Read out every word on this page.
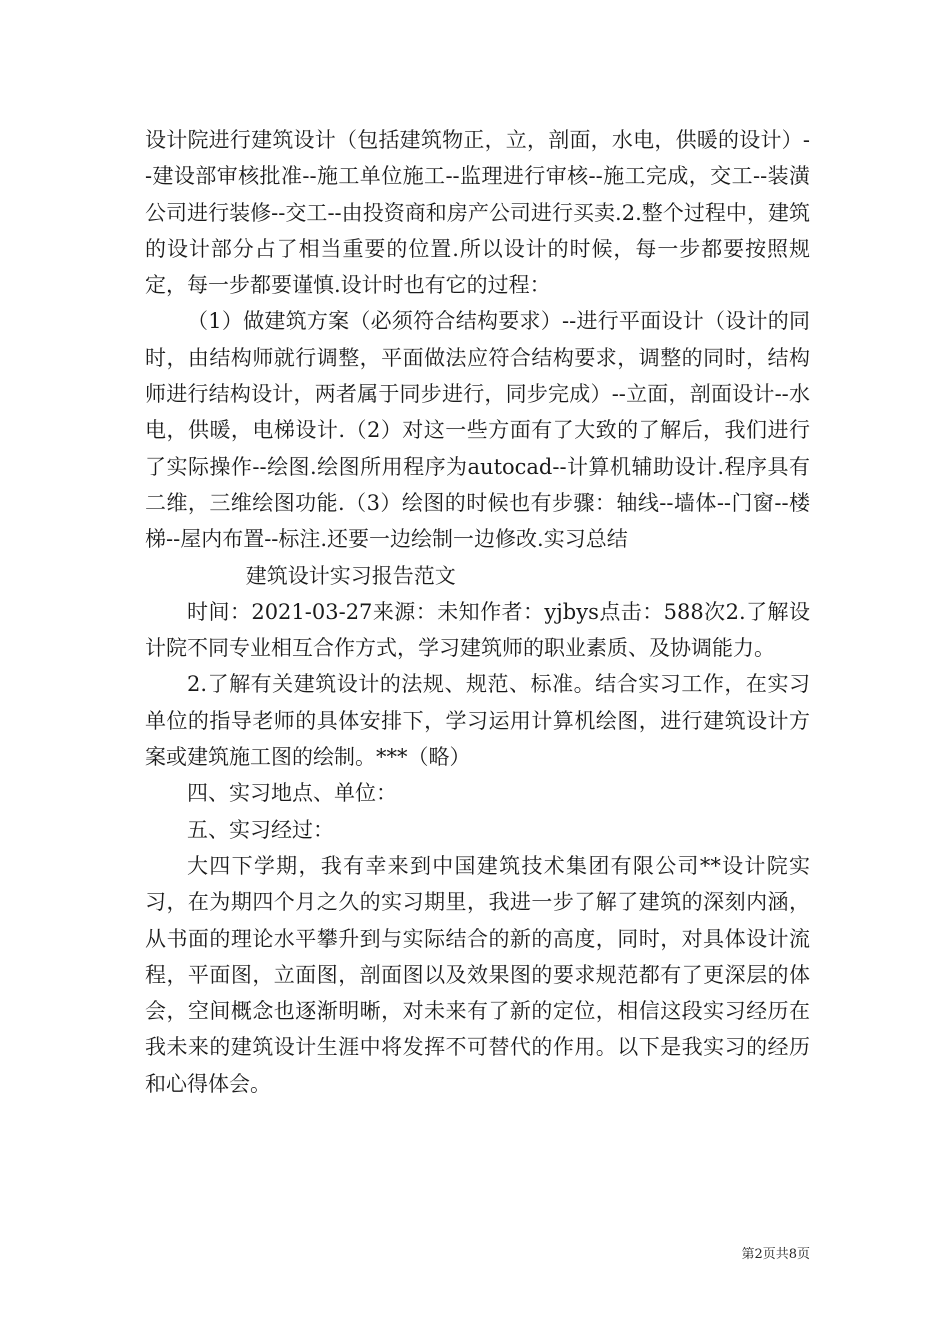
设计院进行建筑设计（包括建筑物正，立，剖面，水电，供暖的设计）--建设部审核批准--施工单位施工--监理进行审核--施工完成，交工--装潢公司进行装修--交工--由投资商和房产公司进行买卖.2.整个过程中，建筑的设计部分占了相当重要的位置.所以设计的时候，每一步都要按照规定，每一步都要谨慎.设计时也有它的过程：

（1）做建筑方案（必须符合结构要求）--进行平面设计（设计的同时，由结构师就行调整，平面做法应符合结构要求，调整的同时，结构师进行结构设计，两者属于同步进行，同步完成）--立面，剖面设计--水电，供暖，电梯设计.（2）对这一些方面有了大致的了解后，我们进行了实际操作--绘图.绘图所用程序为autocad--计算机辅助设计.程序具有二维，三维绘图功能.（3）绘图的时候也有步骤：轴线--墙体--门窗--楼梯--屋内布置--标注.还要一边绘制一边修改.实习总结

建筑设计实习报告范文

时间：2021-03-27来源：未知作者：yjbys点击：588次2.了解设计院不同专业相互合作方式，学习建筑师的职业素质、及协调能力。

2.了解有关建筑设计的法规、规范、标准。结合实习工作，在实习单位的指导老师的具体安排下，学习运用计算机绘图，进行建筑设计方案或建筑施工图的绘制。***（略）

四、实习地点、单位：

五、实习经过：

大四下学期，我有幸来到中国建筑技术集团有限公司**设计院实习，在为期四个月之久的实习期里，我进一步了解了建筑的深刻内涵，从书面的理论水平攀升到与实际结合的新的高度，同时，对具体设计流程，平面图，立面图，剖面图以及效果图的要求规范都有了更深层的体会，空间概念也逐渐明晰，对未来有了新的定位，相信这段实习经历在我未来的建筑设计生涯中将发挥不可替代的作用。以下是我实习的经历和心得体会。

第2页共8页
